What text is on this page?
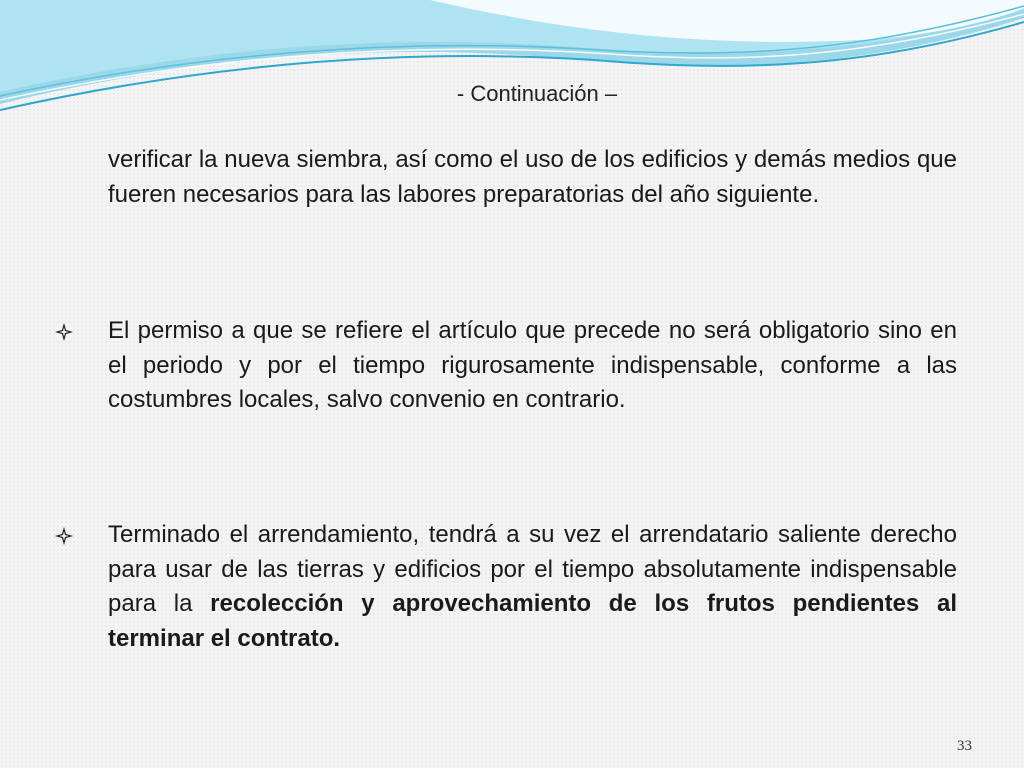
- Continuación –
verificar la nueva siembra, así como el uso de los edificios y demás medios que fueren necesarios para las labores preparatorias del año siguiente.
El permiso a que se refiere el artículo que precede no será obligatorio sino en el periodo y por el tiempo rigurosamente indispensable, conforme a las costumbres locales, salvo convenio en contrario.
Terminado el arrendamiento, tendrá a su vez el arrendatario saliente derecho para usar de las tierras y edificios por el tiempo absolutamente indispensable para la recolección y aprovechamiento de los frutos pendientes al terminar el contrato.
33
